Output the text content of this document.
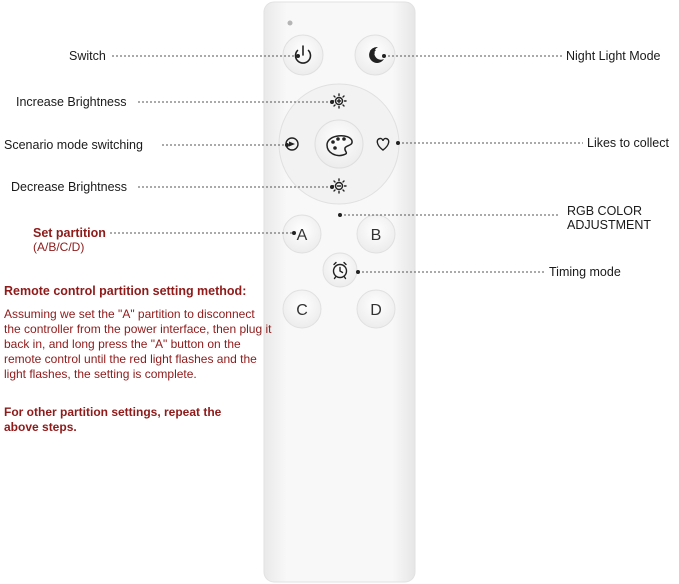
A	B
C	D
Switch	Night Light Mode
Increase Brightness
Scenario mode switching	Likes to collect
Decrease Brightness
RGB COLOR
ADJUSTMENT
Set partition
(A/B/C/D)
Timing mode
Remote control partition setting method:
Assuming we set the "A" partition to disconnect the controller from the power interface, then plug it back in, and long press the "A" button on the remote control until the red light flashes and the light flashes, the setting is complete.
For other partition settings, repeat the above steps.
